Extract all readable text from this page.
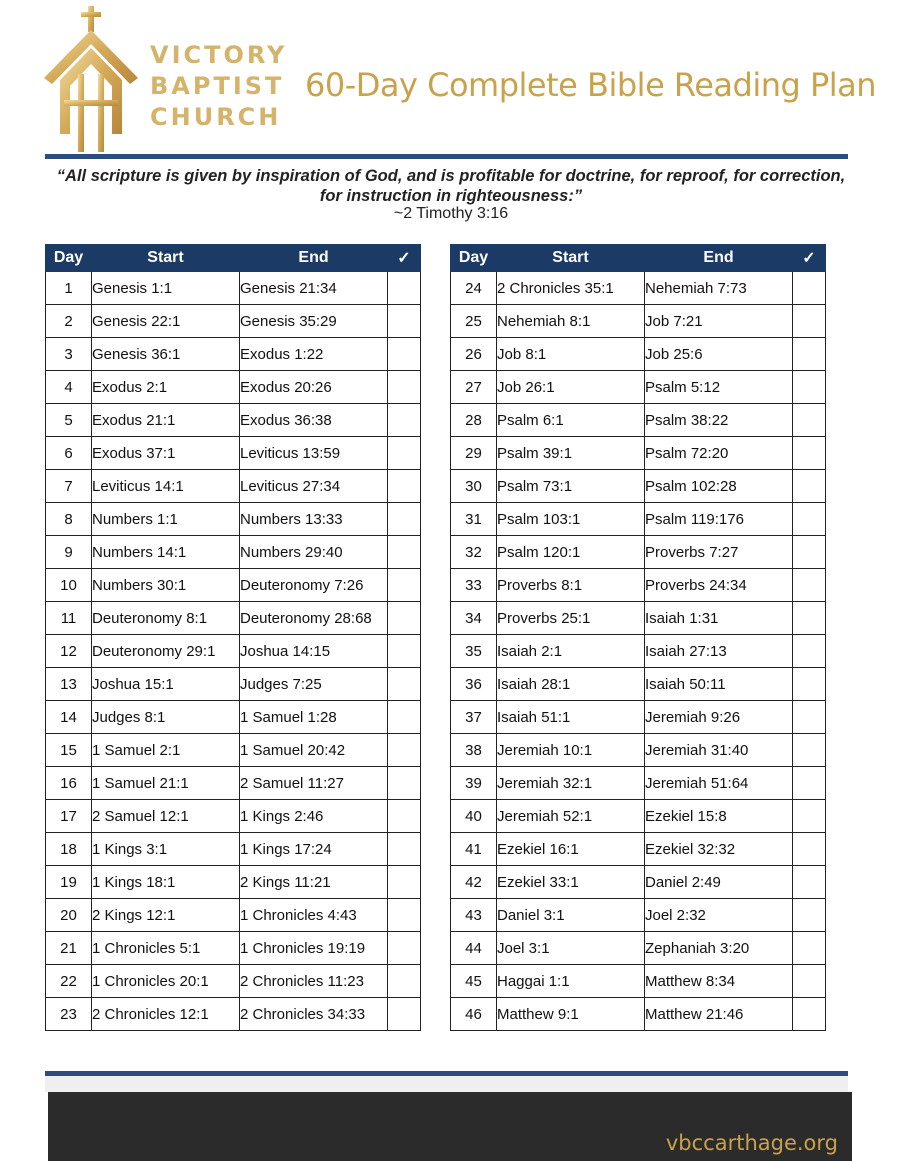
VICTORY
BAPTIST
CHURCH
60-Day Complete Bible Reading Plan
“All scripture is given by inspiration of God, and is profitable for doctrine, for reproof, for correction, for instruction in righteousness:”
~2 Timothy 3:16
Day	Start	End	✓
1	Genesis 1:1	Genesis 21:34	
2	Genesis 22:1	Genesis 35:29	
3	Genesis 36:1	Exodus 1:22	
4	Exodus 2:1	Exodus 20:26	
5	Exodus 21:1	Exodus 36:38	
6	Exodus 37:1	Leviticus 13:59	
7	Leviticus 14:1	Leviticus 27:34	
8	Numbers 1:1	Numbers 13:33	
9	Numbers 14:1	Numbers 29:40	
10	Numbers 30:1	Deuteronomy 7:26	
11	Deuteronomy 8:1	Deuteronomy 28:68	
12	Deuteronomy 29:1	Joshua 14:15	
13	Joshua 15:1	Judges 7:25	
14	Judges 8:1	1 Samuel 1:28	
15	1 Samuel 2:1	1 Samuel 20:42	
16	1 Samuel 21:1	2 Samuel 11:27	
17	2 Samuel 12:1	1 Kings 2:46	
18	1 Kings 3:1	1 Kings 17:24	
19	1 Kings 18:1	2 Kings 11:21	
20	2 Kings 12:1	1 Chronicles 4:43	
21	1 Chronicles 5:1	1 Chronicles 19:19	
22	1 Chronicles 20:1	2 Chronicles 11:23	
23	2 Chronicles 12:1	2 Chronicles 34:33	
Day	Start	End	✓
24	2 Chronicles 35:1	Nehemiah 7:73	
25	Nehemiah 8:1	Job 7:21	
26	Job 8:1	Job 25:6	
27	Job 26:1	Psalm 5:12	
28	Psalm 6:1	Psalm 38:22	
29	Psalm 39:1	Psalm 72:20	
30	Psalm 73:1	Psalm 102:28	
31	Psalm 103:1	Psalm 119:176	
32	Psalm 120:1	Proverbs 7:27	
33	Proverbs 8:1	Proverbs 24:34	
34	Proverbs 25:1	Isaiah 1:31	
35	Isaiah 2:1	Isaiah 27:13	
36	Isaiah 28:1	Isaiah 50:11	
37	Isaiah 51:1	Jeremiah 9:26	
38	Jeremiah 10:1	Jeremiah 31:40	
39	Jeremiah 32:1	Jeremiah 51:64	
40	Jeremiah 52:1	Ezekiel 15:8	
41	Ezekiel 16:1	Ezekiel 32:32	
42	Ezekiel 33:1	Daniel 2:49	
43	Daniel 3:1	Joel 2:32	
44	Joel 3:1	Zephaniah 3:20	
45	Haggai 1:1	Matthew 8:34	
46	Matthew 9:1	Matthew 21:46	
vbccarthage.org
